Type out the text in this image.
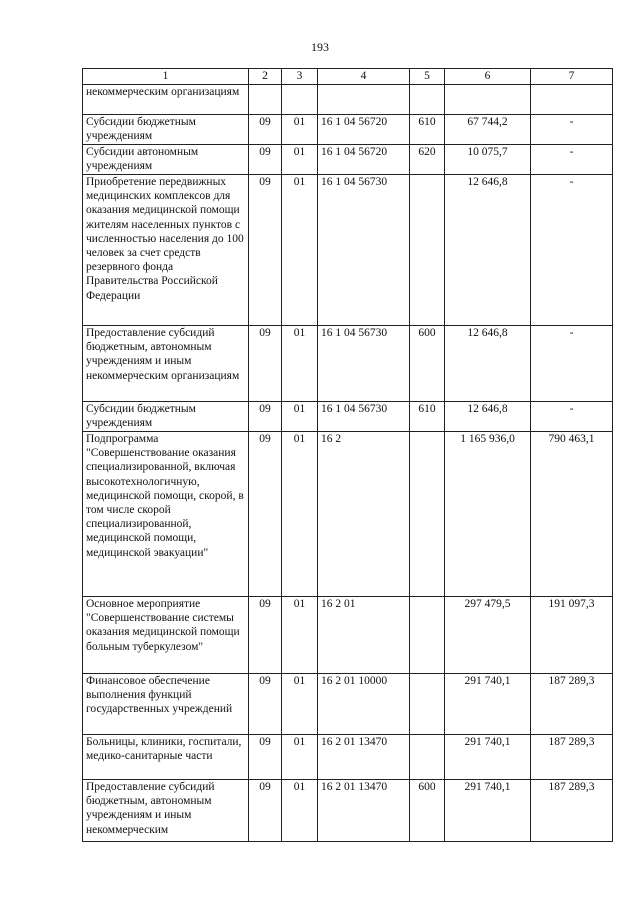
193
1	2	3	4	5	6	7
некоммерческим организациям						
Субсидии бюджетным учреждениям	09	01	16 1 04 56720	610	67 744,2	-
Субсидии автономным учреждениям	09	01	16 1 04 56720	620	10 075,7	-
Приобретение передвижных медицинских комплексов для оказания медицинской помощи жителям населенных пунктов с численностью населения до 100 человек за счет средств резервного фонда Правительства Российской Федерации	09	01	16 1 04 56730		12 646,8	-
Предоставление субсидий бюджетным, автономным учреждениям и иным некоммерческим организациям	09	01	16 1 04 56730	600	12 646,8	-
Субсидии бюджетным учреждениям	09	01	16 1 04 56730	610	12 646,8	-
Подпрограмма "Совершенствование оказания специализированной, включая высокотехнологичную, медицинской помощи, скорой, в том числе скорой специализированной, медицинской помощи, медицинской эвакуации"	09	01	16 2		1 165 936,0	790 463,1
Основное мероприятие "Совершенствование системы оказания медицинской помощи больным туберкулезом"	09	01	16 2 01		297 479,5	191 097,3
Финансовое обеспечение выполнения функций государственных учреждений	09	01	16 2 01 10000		291 740,1	187 289,3
Больницы, клиники, госпитали, медико-санитарные части	09	01	16 2 01 13470		291 740,1	187 289,3
Предоставление субсидий бюджетным, автономным учреждениям и иным некоммерческим	09	01	16 2 01 13470	600	291 740,1	187 289,3
